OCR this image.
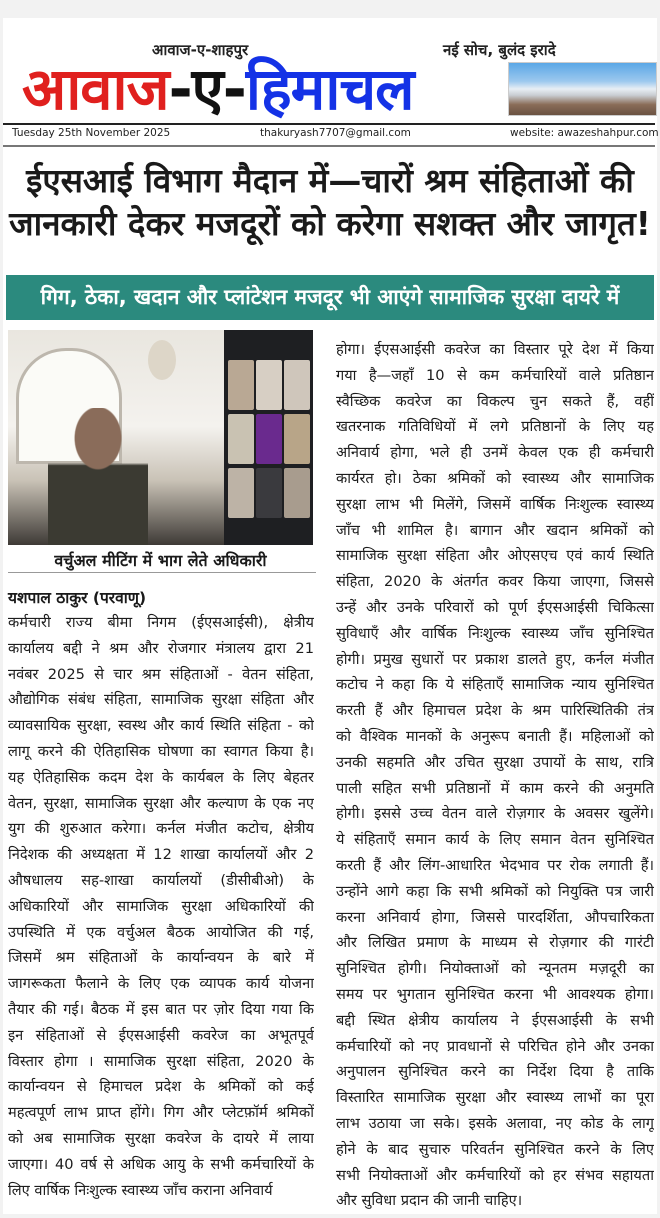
आवाज-ए-शाहपुर	नई सोच, बुलंद इरादे
आवाज-ए-हिमाचल
Tuesday 25th November 2025	thakuryash7707@gmail.com	website: awazeshahpur.com
ईएसआई विभाग मैदान में—चारों श्रम संहिताओं की
जानकारी देकर मजदूरों को करेगा सशक्त और जागृत!
गिग, ठेका, खदान और प्लांटेशन मजदूर भी आएंगे सामाजिक सुरक्षा दायरे में
वर्चुअल मीटिंग में भाग लेते अधिकारी
यशपाल ठाकुर (परवाणू)
कर्मचारी राज्य बीमा निगम (ईएसआईसी), क्षेत्रीय
कार्यालय बद्दी ने श्रम और रोजगार मंत्रालय द्वारा 21
नवंबर 2025 से चार श्रम संहिताओं - वेतन संहिता,
औद्योगिक संबंध संहिता, सामाजिक सुरक्षा संहिता और
व्यावसायिक सुरक्षा, स्वस्थ और कार्य स्थिति संहिता - को
लागू करने की ऐतिहासिक घोषणा का स्वागत किया है।
यह ऐतिहासिक कदम देश के कार्यबल के लिए बेहतर
वेतन, सुरक्षा, सामाजिक सुरक्षा और कल्याण के एक नए
युग की शुरुआत करेगा। कर्नल मंजीत कटोच, क्षेत्रीय
निदेशक की अध्यक्षता में 12 शाखा कार्यालयों और 2
औषधालय सह-शाखा कार्यालयों (डीसीबीओ) के
अधिकारियों और सामाजिक सुरक्षा अधिकारियों की
उपस्थिति में एक वर्चुअल बैठक आयोजित की गई,
जिसमें श्रम संहिताओं के कार्यान्वयन के बारे में
जागरूकता फैलाने के लिए एक व्यापक कार्य योजना
तैयार की गई। बैठक में इस बात पर ज़ोर दिया गया कि
इन संहिताओं से ईएसआईसी कवरेज का अभूतपूर्व
विस्तार होगा । सामाजिक सुरक्षा संहिता, 2020 के
कार्यान्वयन से हिमाचल प्रदेश के श्रमिकों को कई
महत्वपूर्ण लाभ प्राप्त होंगे। गिग और प्लेटफ़ॉर्म श्रमिकों
को अब सामाजिक सुरक्षा कवरेज के दायरे में लाया
जाएगा। 40 वर्ष से अधिक आयु के सभी कर्मचारियों के
लिए वार्षिक निःशुल्क स्वास्थ्य जाँच कराना अनिवार्य
होगा। ईएसआईसी कवरेज का विस्तार पूरे देश में किया
गया है—जहाँ 10 से कम कर्मचारियों वाले प्रतिष्ठान
स्वैच्छिक कवरेज का विकल्प चुन सकते हैं, वहीं
खतरनाक गतिविधियों में लगे प्रतिष्ठानों के लिए यह
अनिवार्य होगा, भले ही उनमें केवल एक ही कर्मचारी
कार्यरत हो। ठेका श्रमिकों को स्वास्थ्य और सामाजिक
सुरक्षा लाभ भी मिलेंगे, जिसमें वार्षिक निःशुल्क स्वास्थ्य
जाँच भी शामिल है। बागान और खदान श्रमिकों को
सामाजिक सुरक्षा संहिता और ओएसएच एवं कार्य स्थिति
संहिता, 2020 के अंतर्गत कवर किया जाएगा, जिससे
उन्हें और उनके परिवारों को पूर्ण ईएसआईसी चिकित्सा
सुविधाएँ और वार्षिक निःशुल्क स्वास्थ्य जाँच सुनिश्चित
होगी। प्रमुख सुधारों पर प्रकाश डालते हुए, कर्नल मंजीत
कटोच ने कहा कि ये संहिताएँ सामाजिक न्याय सुनिश्चित
करती हैं और हिमाचल प्रदेश के श्रम पारिस्थितिकी तंत्र
को वैश्विक मानकों के अनुरूप बनाती हैं। महिलाओं को
उनकी सहमति और उचित सुरक्षा उपायों के साथ, रात्रि
पाली सहित सभी प्रतिष्ठानों में काम करने की अनुमति
होगी। इससे उच्च वेतन वाले रोज़गार के अवसर खुलेंगे।
ये संहिताएँ समान कार्य के लिए समान वेतन सुनिश्चित
करती हैं और लिंग-आधारित भेदभाव पर रोक लगाती हैं।
उन्होंने आगे कहा कि सभी श्रमिकों को नियुक्ति पत्र जारी
करना अनिवार्य होगा, जिससे पारदर्शिता, औपचारिकता
और लिखित प्रमाण के माध्यम से रोज़गार की गारंटी
सुनिश्चित होगी। नियोक्ताओं को न्यूनतम मज़दूरी का
समय पर भुगतान सुनिश्चित करना भी आवश्यक होगा।
बद्दी स्थित क्षेत्रीय कार्यालय ने ईएसआईसी के सभी
कर्मचारियों को नए प्रावधानों से परिचित होने और उनका
अनुपालन सुनिश्चित करने का निर्देश दिया है ताकि
विस्तारित सामाजिक सुरक्षा और स्वास्थ्य लाभों का पूरा
लाभ उठाया जा सके। इसके अलावा, नए कोड के लागू
होने के बाद सुचारु परिवर्तन सुनिश्चित करने के लिए
सभी नियोक्ताओं और कर्मचारियों को हर संभव सहायता
और सुविधा प्रदान की जानी चाहिए।
